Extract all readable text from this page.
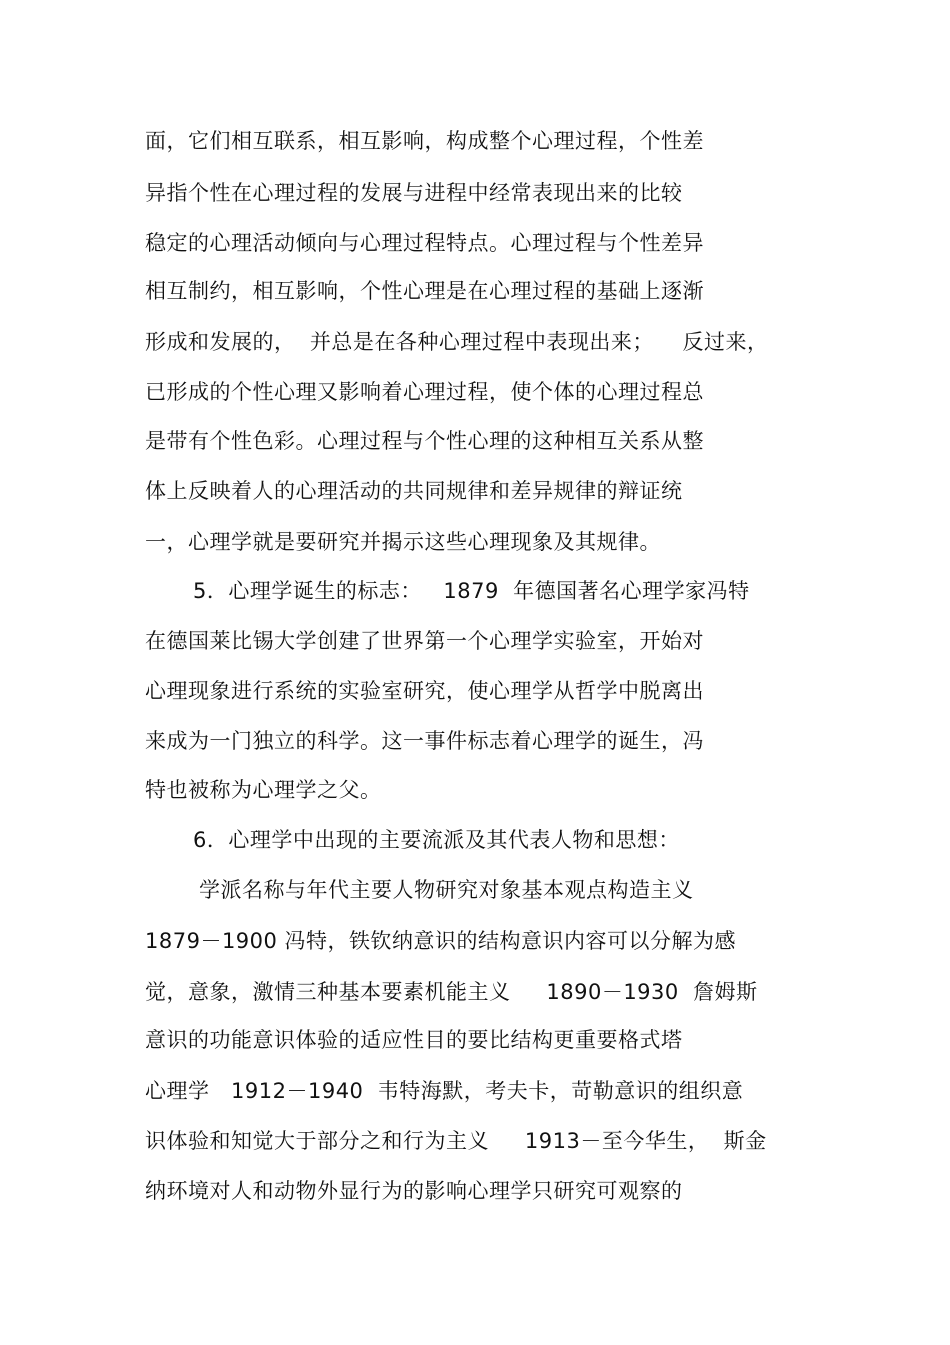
面，它们相互联系，相互影响，构成整个心理过程，个性差
异指个性在心理过程的发展与进程中经常表现出来的比较
稳定的心理活动倾向与心理过程特点。心理过程与个性差异
相互制约，相互影响，个性心理是在心理过程的基础上逐渐
形成和发展的，  并总是在各种心理过程中表现出来；    反过来，
已形成的个性心理又影响着心理过程，使个体的心理过程总
是带有个性色彩。心理过程与个性心理的这种相互关系从整
体上反映着人的心理活动的共同规律和差异规律的辩证统
一，心理学就是要研究并揭示这些心理现象及其规律。
5．心理学诞生的标志：   1879  年德国著名心理学家冯特
在德国莱比锡大学创建了世界第一个心理学实验室，开始对
心理现象进行系统的实验室研究，使心理学从哲学中脱离出
来成为一门独立的科学。这一事件标志着心理学的诞生，冯
特也被称为心理学之父。
6．心理学中出现的主要流派及其代表人物和思想：
学派名称与年代主要人物研究对象基本观点构造主义
1879－1900 冯特，铁钦纳意识的结构意识内容可以分解为感
觉，意象，激情三种基本要素机能主义     1890－1930  詹姆斯
意识的功能意识体验的适应性目的要比结构更重要格式塔
心理学   1912－1940  韦特海默，考夫卡，苛勒意识的组织意
识体验和知觉大于部分之和行为主义     1913－至今华生，  斯金
纳环境对人和动物外显行为的影响心理学只研究可观察的
